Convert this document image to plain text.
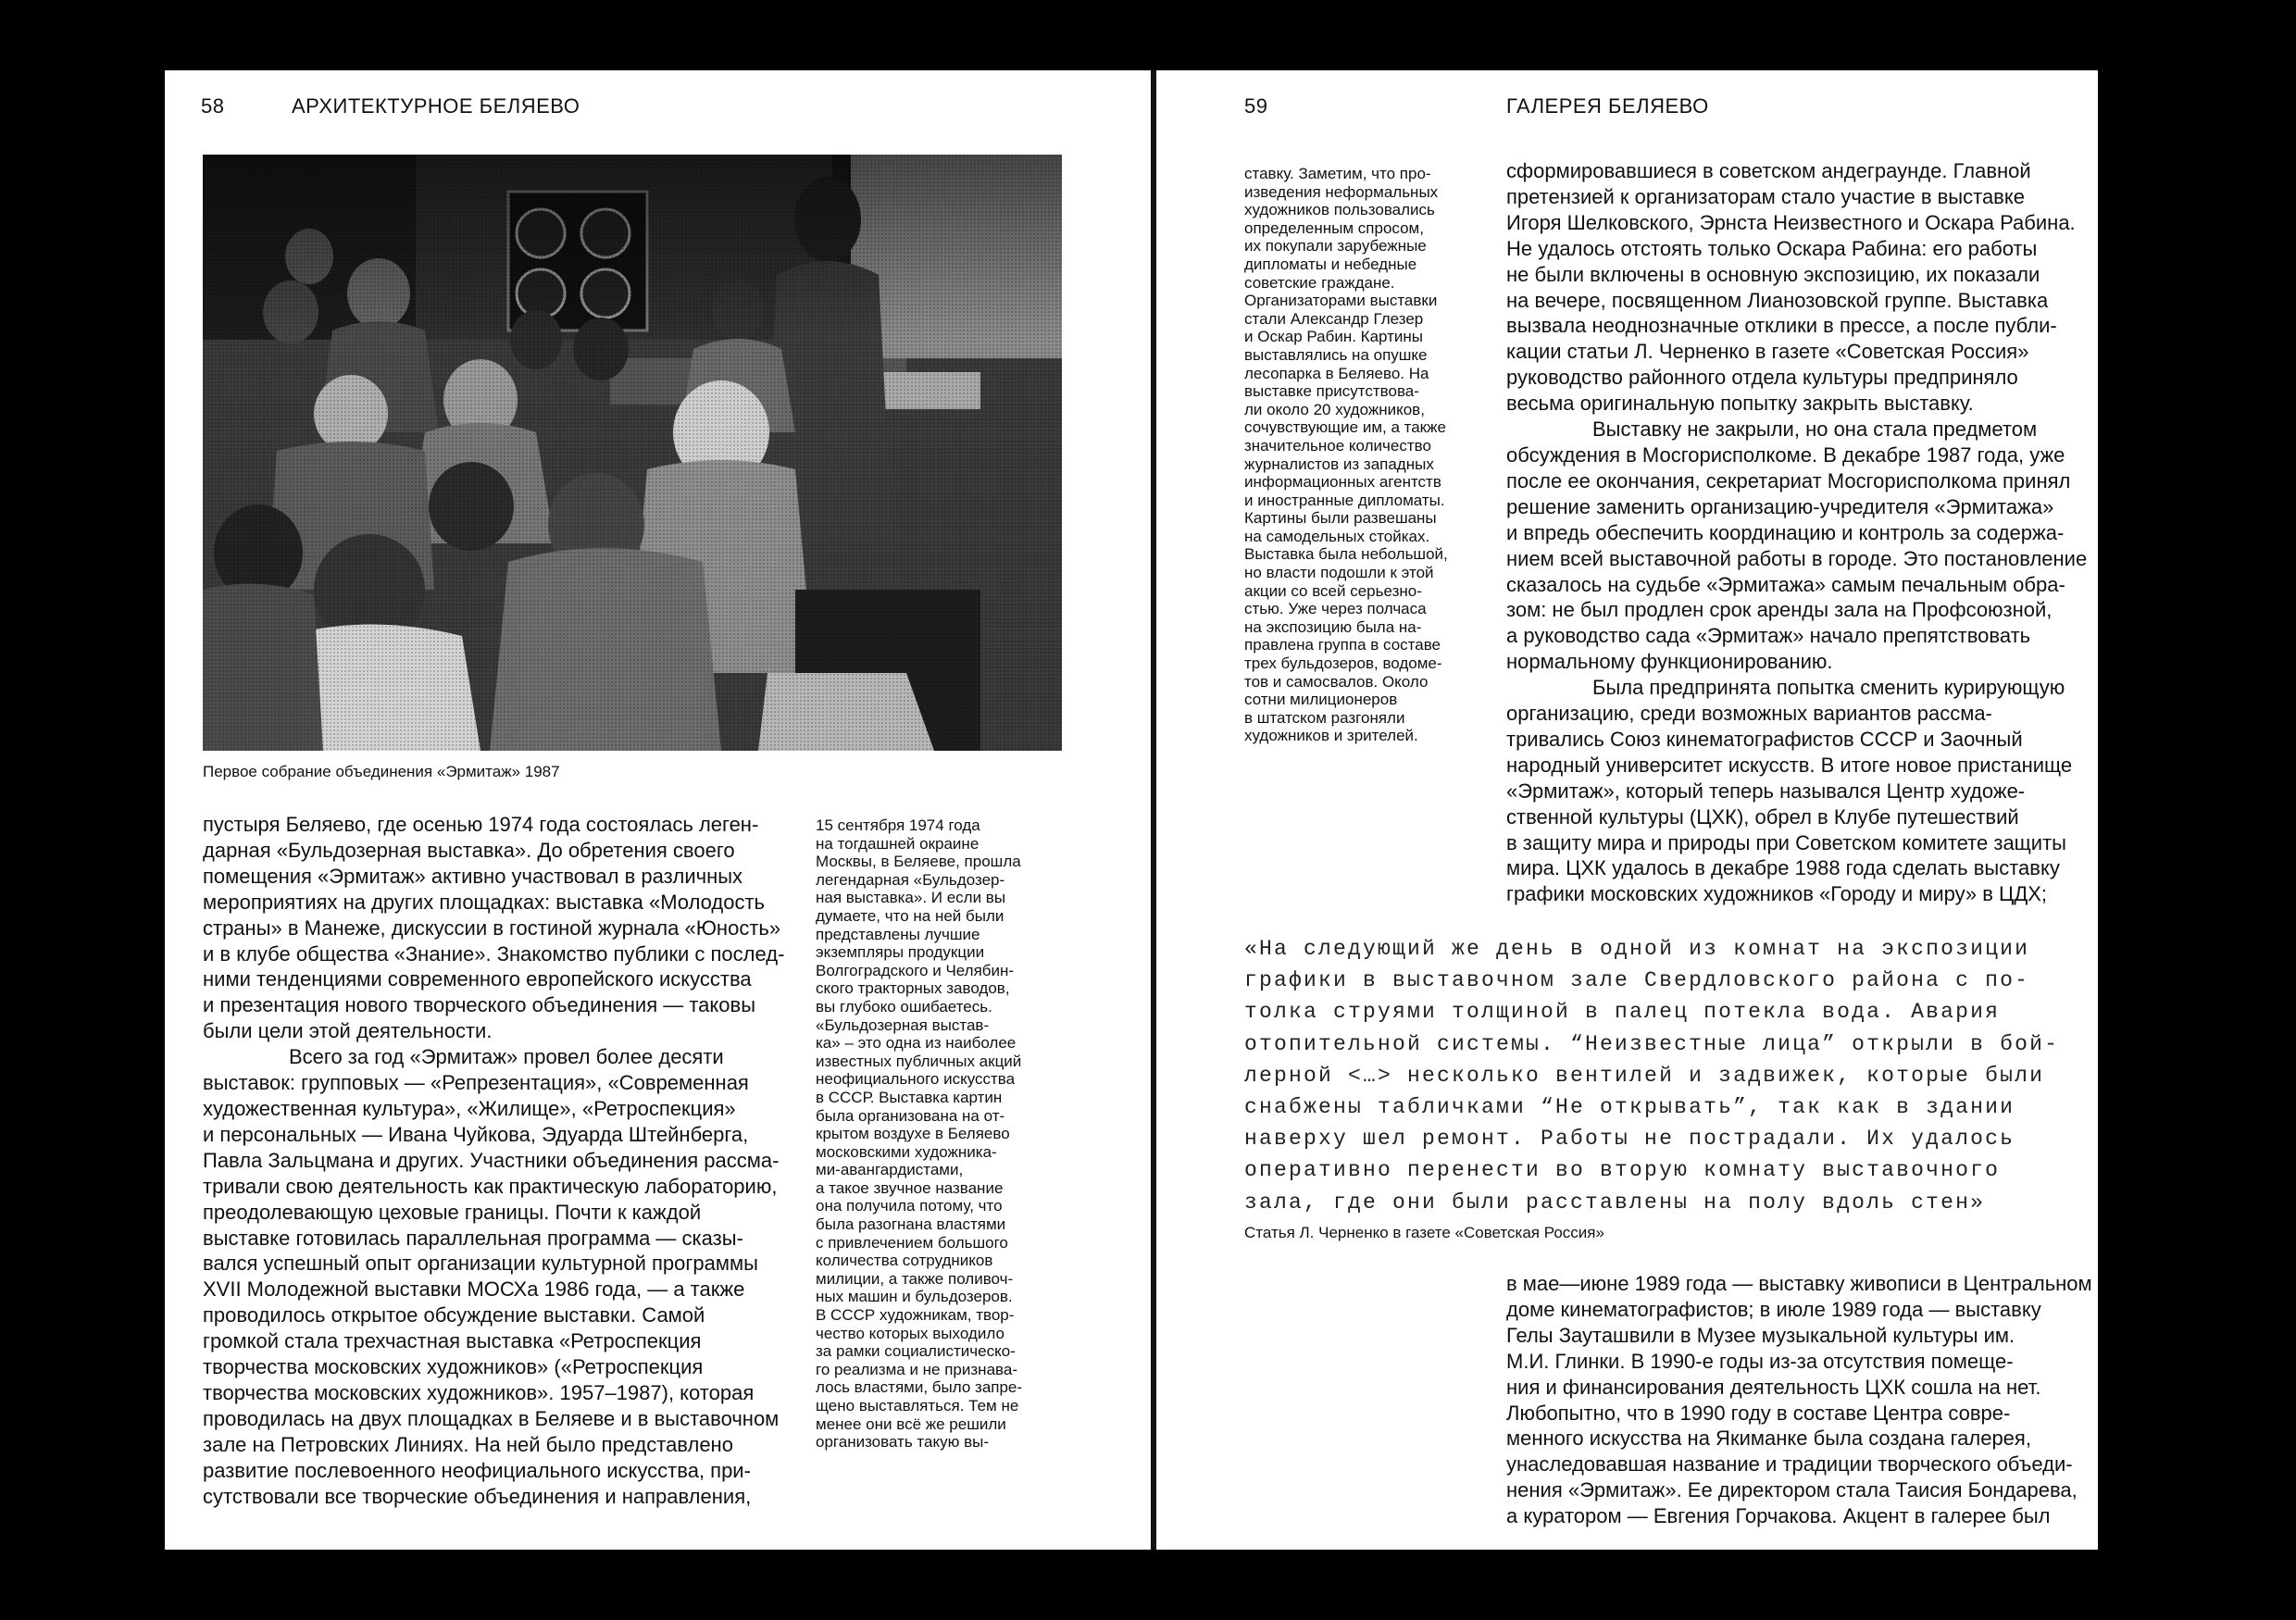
58	АРХИТЕКТУРНОЕ БЕЛЯЕВО
Первое собрание объединения «Эрмитаж» 1987
пустыря Беляево, где осенью 1974 года состоялась леген-
дарная «Бульдозерная выставка». До обретения своего
помещения «Эрмитаж» активно участвовал в различных
мероприятиях на других площадках: выставка «Молодость
страны» в Манеже, дискуссии в гостиной журнала «Юность»
и в клубе общества «Знание». Знакомство публики с послед-
ними тенденциями современного европейского искусства
и презентация нового творческого объединения — таковы
были цели этой деятельности.
Всего за год «Эрмитаж» провел более десяти
выставок: групповых — «Репрезентация», «Современная
художественная культура», «Жилище», «Ретроспекция»
и персональных — Ивана Чуйкова, Эдуарда Штейнберга,
Павла Зальцмана и других. Участники объединения рассма-
тривали свою деятельность как практическую лабораторию,
преодолевающую цеховые границы. Почти к каждой
выставке готовилась параллельная программа — сказы-
вался успешный опыт организации культурной программы
XVII Молодежной выставки МОСХа 1986 года, — а также
проводилось открытое обсуждение выставки. Самой
громкой стала трехчастная выставка «Ретроспекция
творчества московских художников» («Ретроспекция
творчества московских художников». 1957–1987), которая
проводилась на двух площадках в Беляеве и в выставочном
зале на Петровских Линиях. На ней было представлено
развитие послевоенного неофициального искусства, при-
сутствовали все творческие объединения и направления,
15 сентября 1974 года
на тогдашней окраине
Москвы, в Беляеве, прошла
легендарная «Бульдозер-
ная выставка». И если вы
думаете, что на ней были
представлены лучшие
экземпляры продукции
Волгоградского и Челябин-
ского тракторных заводов,
вы глубоко ошибаетесь.
«Бульдозерная выстав-
ка» – это одна из наиболее
известных публичных акций
неофициального искусства
в СССР. Выставка картин
была организована на от-
крытом воздухе в Беляево
московскими художника-
ми-авангардистами,
а такое звучное название
она получила потому, что
была разогнана властями
с привлечением большого
количества сотрудников
милиции, а также поливоч-
ных машин и бульдозеров.
В СССР художникам, твор-
чество которых выходило
за рамки социалистическо-
го реализма и не признава-
лось властями, было запре-
щено выставляться. Тем не
менее они всё же решили
организовать такую вы-
59	ГАЛЕРЕЯ БЕЛЯЕВО
ставку. Заметим, что про-
изведения неформальных
художников пользовались
определенным спросом,
их покупали зарубежные
дипломаты и небедные
советские граждане.
Организаторами выставки
стали Александр Глезер
и Оскар Рабин. Картины
выставлялись на опушке
лесопарка в Беляево. На
выставке присутствова-
ли около 20 художников,
сочувствующие им, а также
значительное количество
журналистов из западных
информационных агентств
и иностранные дипломаты.
Картины были развешаны
на самодельных стойках.
Выставка была небольшой,
но власти подошли к этой
акции со всей серьезно-
стью. Уже через полчаса
на экспозицию была на-
правлена группа в составе
трех бульдозеров, водоме-
тов и самосвалов. Около
сотни милиционеров
в штатском разгоняли
художников и зрителей.
сформировавшиеся в советском андеграунде. Главной
претензией к организаторам стало участие в выставке
Игоря Шелковского, Эрнста Неизвестного и Оскара Рабина.
Не удалось отстоять только Оскара Рабина: его работы
не были включены в основную экспозицию, их показали
на вечере, посвященном Лианозовской группе. Выставка
вызвала неоднозначные отклики в прессе, а после публи-
кации статьи Л. Черненко в газете «Советская Россия»
руководство районного отдела культуры предприняло
весьма оригинальную попытку закрыть выставку.
Выставку не закрыли, но она стала предметом
обсуждения в Мосгорисполкоме. В декабре 1987 года, уже
после ее окончания, секретариат Мосгорисполкома принял
решение заменить организацию-учредителя «Эрмитажа»
и впредь обеспечить координацию и контроль за содержа-
нием всей выставочной работы в городе. Это постановление
сказалось на судьбе «Эрмитажа» самым печальным обра-
зом: не был продлен срок аренды зала на Профсоюзной,
а руководство сада «Эрмитаж» начало препятствовать
нормальному функционированию.
Была предпринята попытка сменить курирующую
организацию, среди возможных вариантов рассма-
тривались Союз кинематографистов СССР и Заочный
народный университет искусств. В итоге новое пристанище
«Эрмитаж», который теперь назывался Центр художе-
ственной культуры (ЦХК), обрел в Клубе путешествий
в защиту мира и природы при Советском комитете защиты
мира. ЦХК удалось в декабре 1988 года сделать выставку
графики московских художников «Городу и миру» в ЦДХ;
«На следующий же день в одной из комнат на экспозиции
графики в выставочном зале Свердловского района с по-
толка струями толщиной в палец потекла вода. Авария
отопительной системы. “Неизвестные лица” открыли в бой-
лерной <…> несколько вентилей и задвижек, которые были
снабжены табличками “Не открывать”, так как в здании
наверху шел ремонт. Работы не пострадали. Их удалось
оперативно перенести во вторую комнату выставочного
зала, где они были расставлены на полу вдоль стен»
Статья Л. Черненко в газете «Советская Россия»
в мае—июне 1989 года — выставку живописи в Центральном
доме кинематографистов; в июле 1989 года — выставку
Гелы Зауташвили в Музее музыкальной культуры им.
М.И. Глинки. В 1990-е годы из-за отсутствия помеще-
ния и финансирования деятельность ЦХК сошла на нет.
Любопытно, что в 1990 году в составе Центра совре-
менного искусства на Якиманке была создана галерея,
унаследовавшая название и традиции творческого объеди-
нения «Эрмитаж». Ее директором стала Таисия Бондарева,
а куратором — Евгения Горчакова. Акцент в галерее был
